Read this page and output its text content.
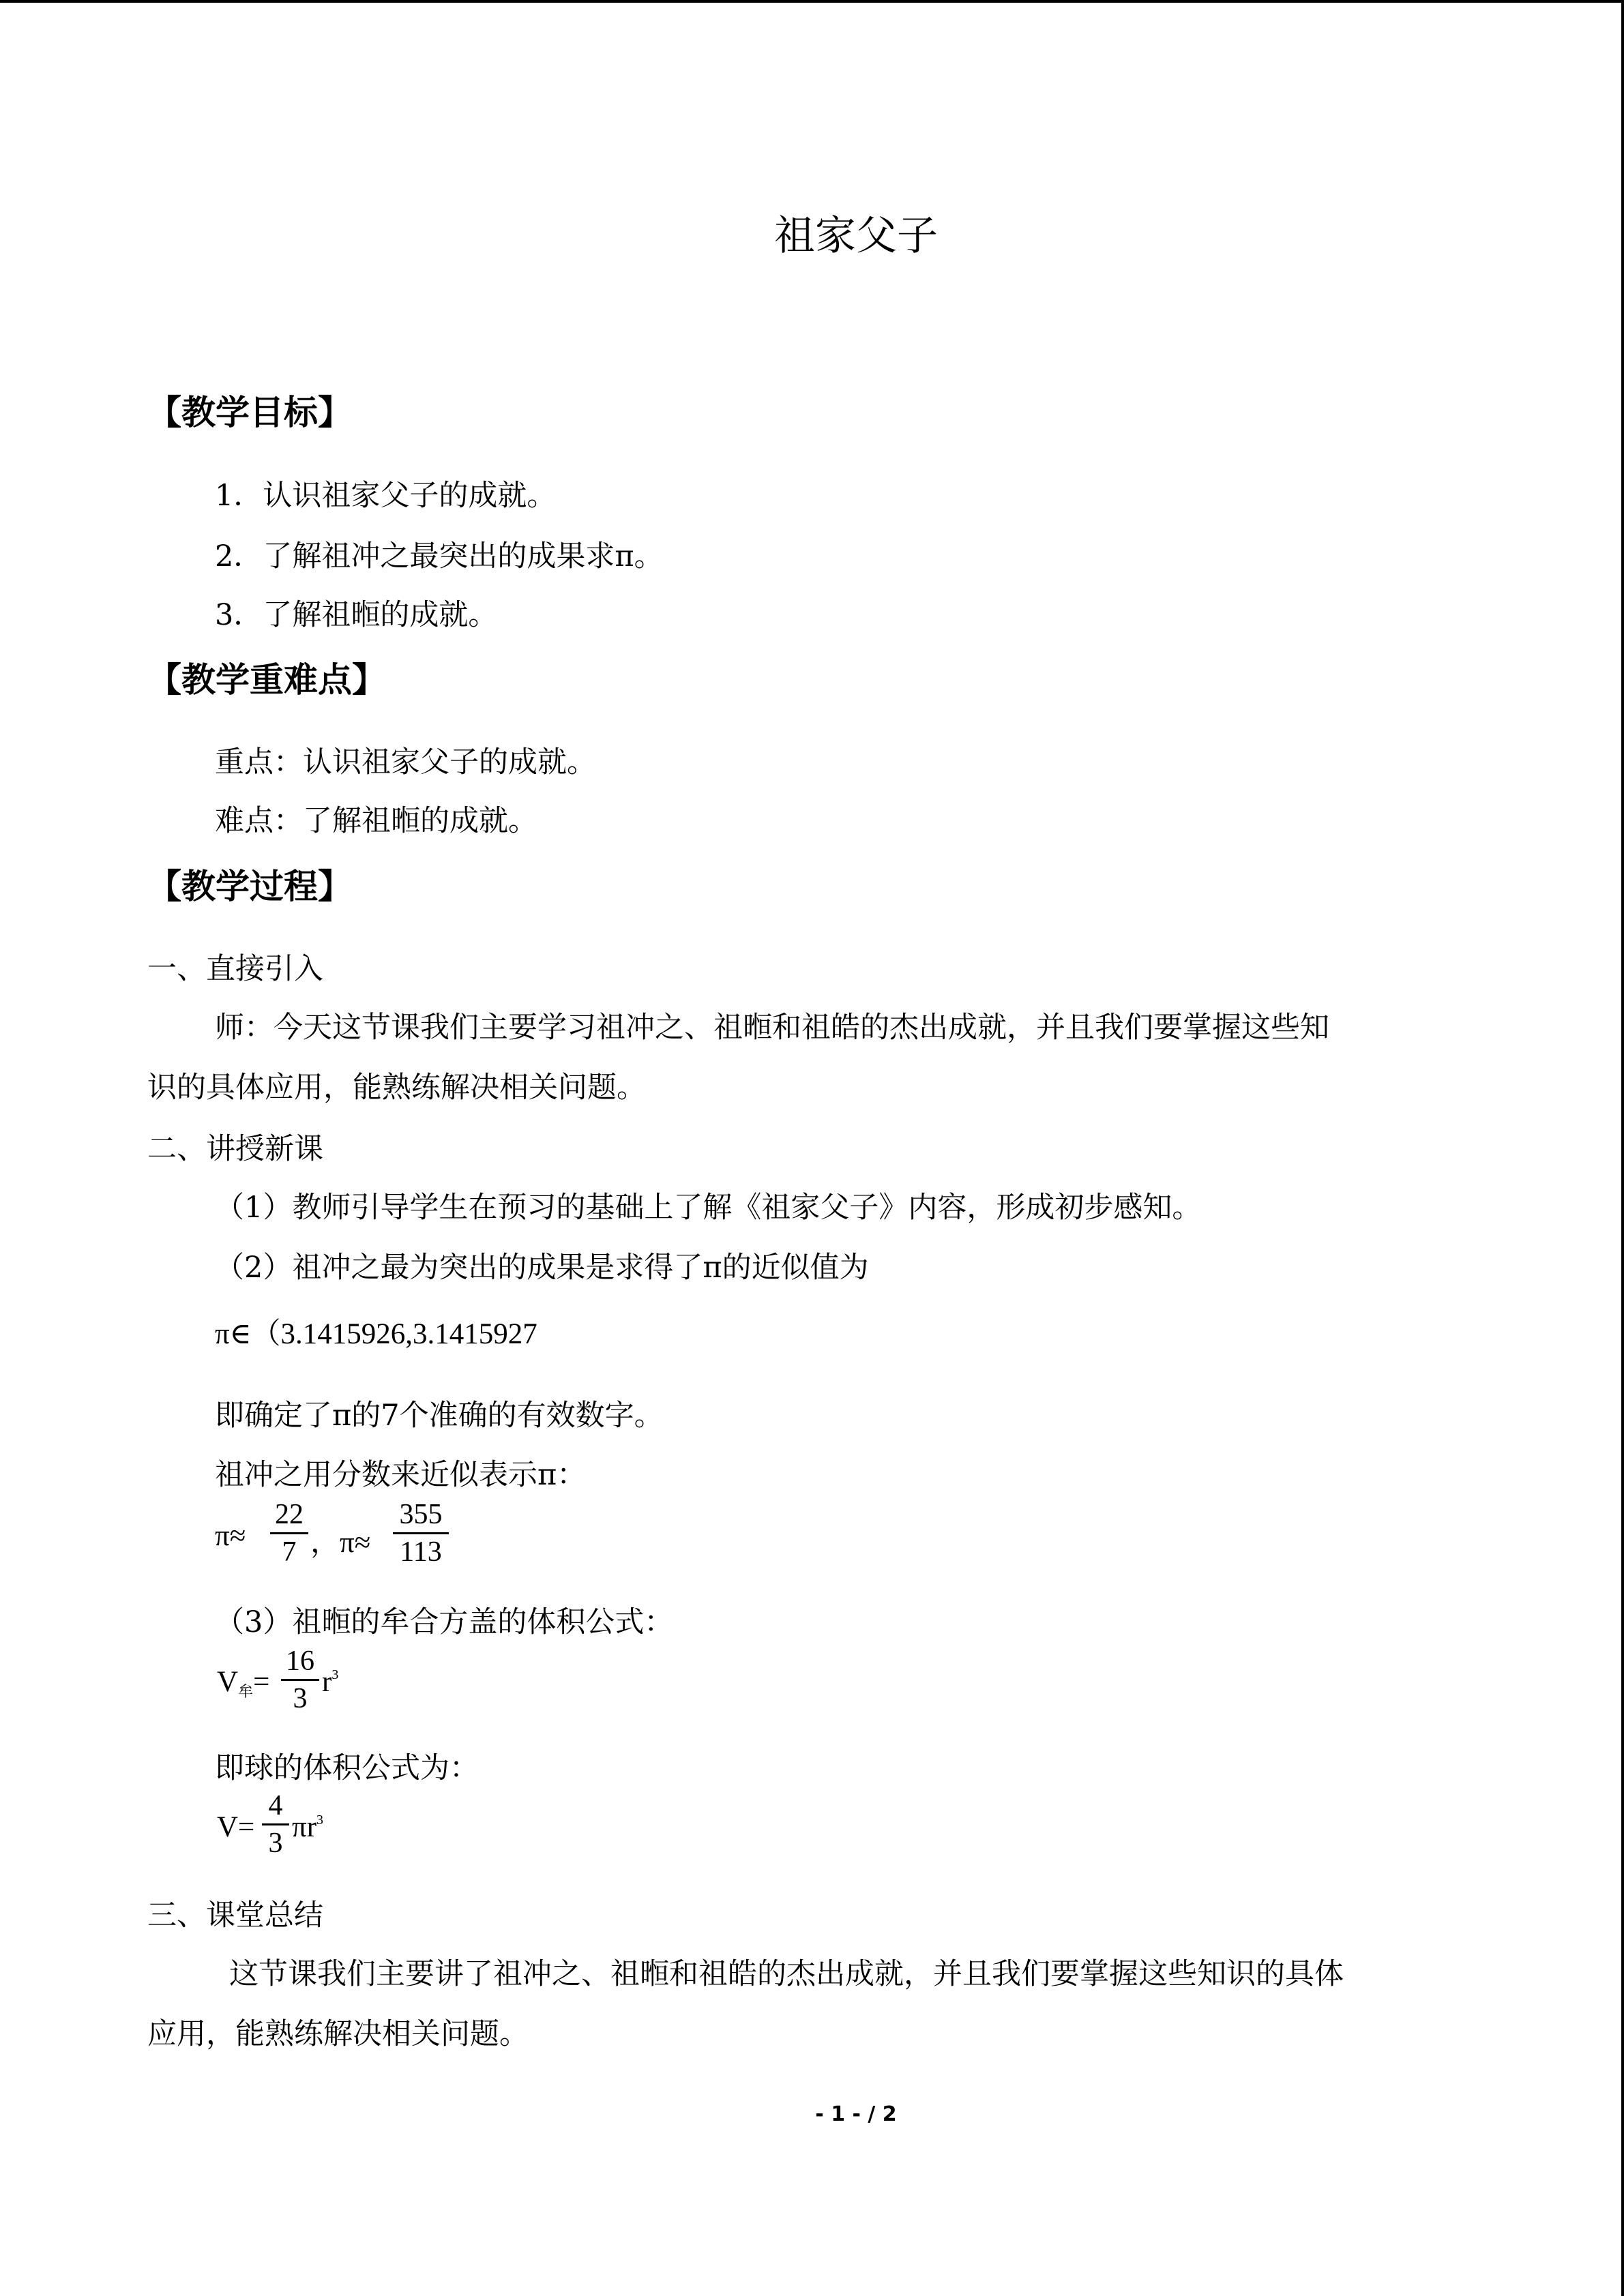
祖家父子
【教学目标】
1．认识祖家父子的成就。
2．了解祖冲之最突出的成果求π。
3．了解祖暅的成就。
【教学重难点】
重点：认识祖家父子的成就。
难点：了解祖暅的成就。
【教学过程】
一、直接引入
师：今天这节课我们主要学习祖冲之、祖暅和祖皓的杰出成就，并且我们要掌握这些知
识的具体应用，能熟练解决相关问题。
二、讲授新课
（1）教师引导学生在预习的基础上了解《祖家父子》内容，形成初步感知。
（2）祖冲之最为突出的成果是求得了π的近似值为
π∈（3.1415926,3.1415927
即确定了π的7个准确的有效数字。
祖冲之用分数来近似表示π：
π≈
22
7 ，π≈
355
113
（3）祖暅的牟合方盖的体积公式：
V牟=
16
3
$r^3$
即球的体积公式为：
V=
4
3 $\pi r^3$
三、课堂总结
这节课我们主要讲了祖冲之、祖暅和祖皓的杰出成就，并且我们要掌握这些知识的具体
应用，能熟练解决相关问题。
- 1 - / 2
